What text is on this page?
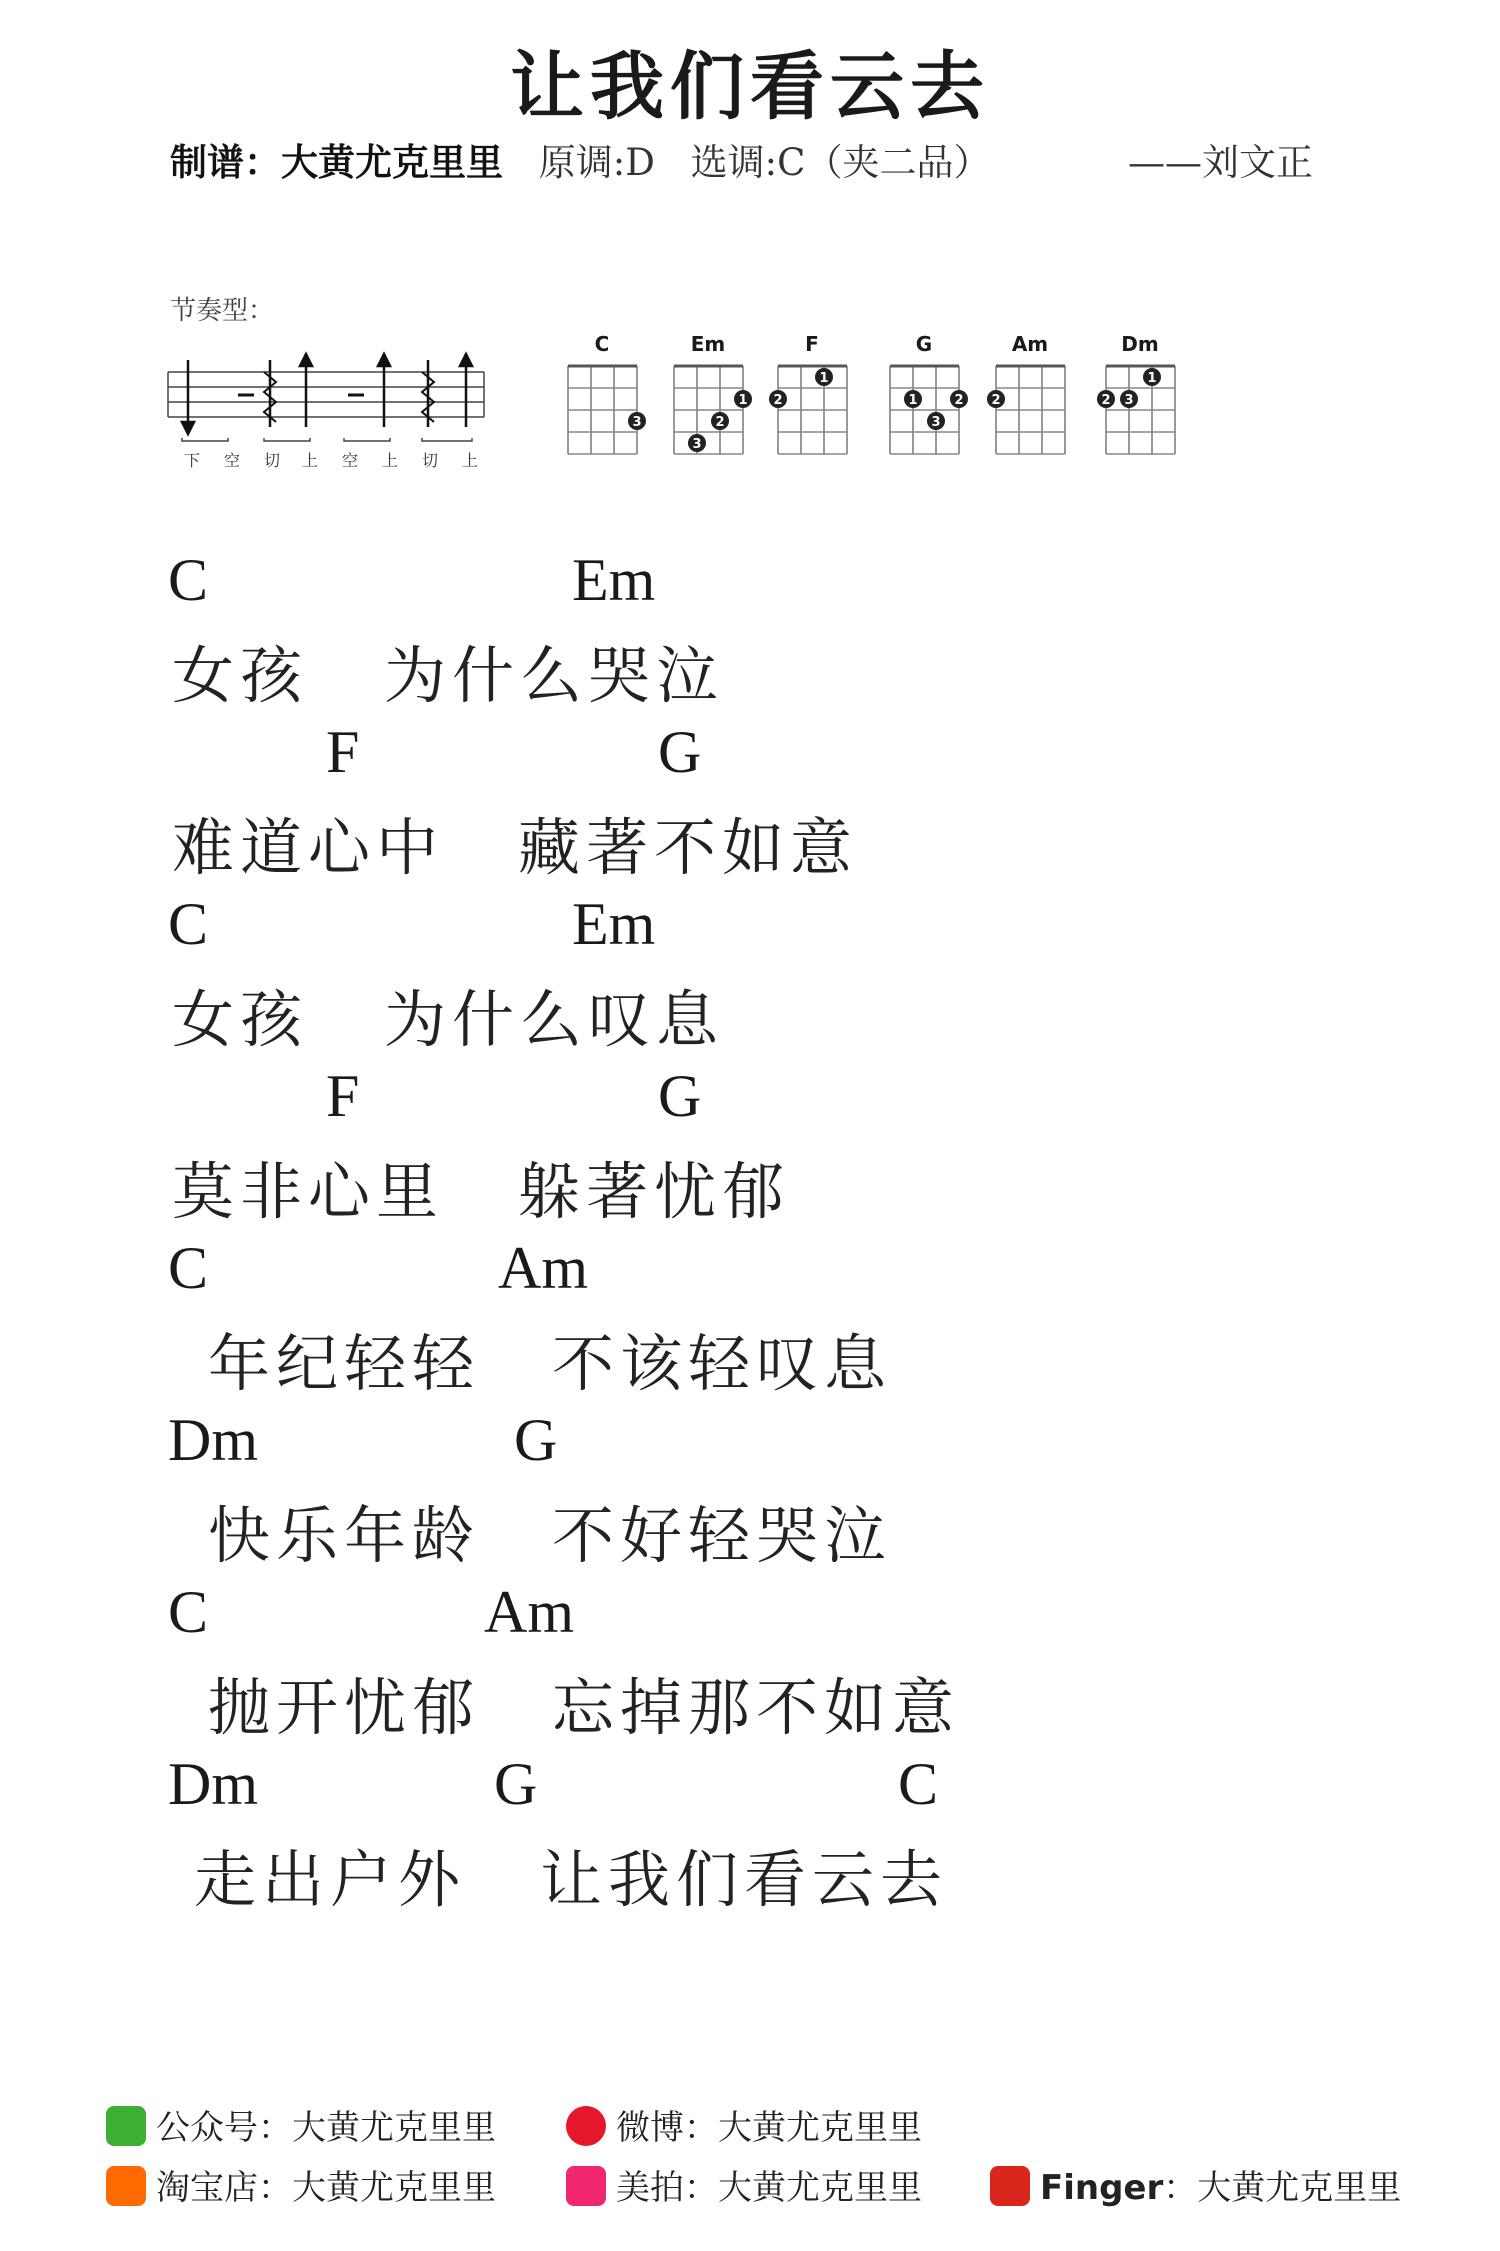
让我们看云去
制谱：大黄尤克里里 原调:D 选调:C（夹二品）	——刘文正
节奏型：
下 空 切 上 空 上 切 上
C
3
Em
3
2
1
F
2
1
G
1
3
2
Am
2
Dm
2 3
1
C	Em
女孩 为什么哭泣
F	G
难道心中 藏著不如意
C	Em
女孩 为什么叹息
F	G
莫非心里 躲著忧郁
C	Am
年纪轻轻 不该轻叹息
Dm	G
快乐年龄 不好轻哭泣
C	Am
抛开忧郁 忘掉那不如意
Dm	G	C
走出户外 让我们看云去
公众号：大黄尤克里里	微博：大黄尤克里里
淘宝店：大黄尤克里里	美拍：大黄尤克里里	Finger：大黄尤克里里
